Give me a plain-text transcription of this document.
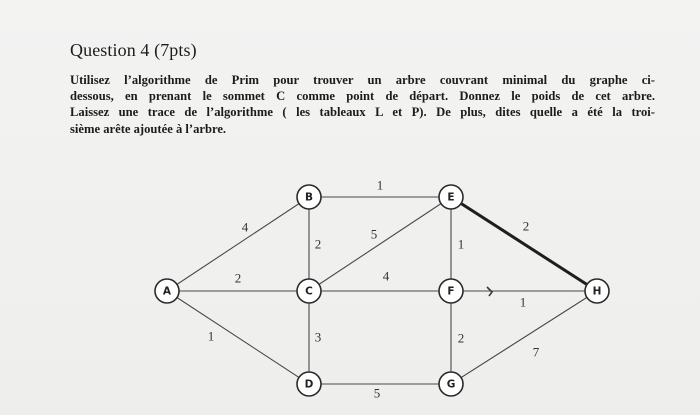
Question 4 (7pts)
Utilisez l’algorithme de Prim pour trouver un arbre couvrant minimal du graphe ci-
dessous, en prenant le sommet C comme point de départ. Donnez le poids de cet arbre.
Laissez une trace de l’algorithme ( les tableaux L et P). De plus, dites quelle a été la troi-
sième arête ajoutée à l’arbre.
4
2
1
2
1
5
4
3
1
2
1
2
5
7
A
B
C
D
E
F
G
H
